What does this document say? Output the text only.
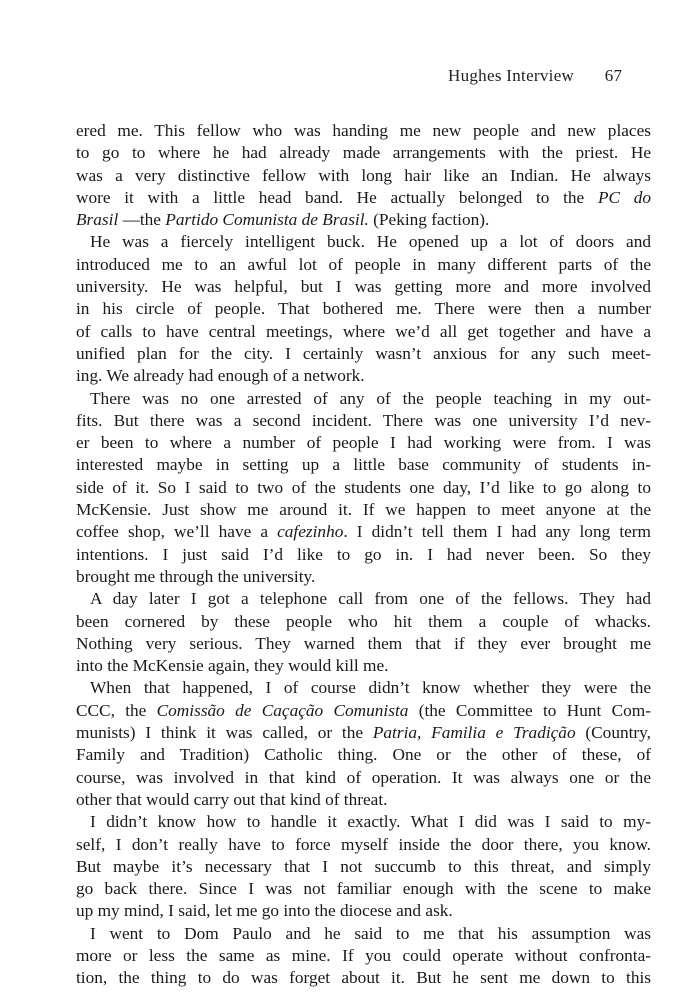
Hughes Interview 67
ered me. This fellow who was handing me new people and new places
to go to where he had already made arrangements with the priest. He
was a very distinctive fellow with long hair like an Indian. He always
wore it with a little head band. He actually belonged to the PC do
Brasil —the Partido Comunista de Brasil. (Peking faction).
He was a fiercely intelligent buck. He opened up a lot of doors and
introduced me to an awful lot of people in many different parts of the
university. He was helpful, but I was getting more and more involved
in his circle of people. That bothered me. There were then a number
of calls to have central meetings, where we’d all get together and have a
unified plan for the city. I certainly wasn’t anxious for any such meet-
ing. We already had enough of a network.
There was no one arrested of any of the people teaching in my out-
fits. But there was a second incident. There was one university I’d nev-
er been to where a number of people I had working were from. I was
interested maybe in setting up a little base community of students in-
side of it. So I said to two of the students one day, I’d like to go along to
McKensie. Just show me around it. If we happen to meet anyone at the
coffee shop, we’ll have a cafezinho. I didn’t tell them I had any long term
intentions. I just said I’d like to go in. I had never been. So they
brought me through the university.
A day later I got a telephone call from one of the fellows. They had
been cornered by these people who hit them a couple of whacks.
Nothing very serious. They warned them that if they ever brought me
into the McKensie again, they would kill me.
When that happened, I of course didn’t know whether they were the
CCC, the Comissão de Caçação Comunista (the Committee to Hunt Com-
munists) I think it was called, or the Patria, Familia e Tradição (Country,
Family and Tradition) Catholic thing. One or the other of these, of
course, was involved in that kind of operation. It was always one or the
other that would carry out that kind of threat.
I didn’t know how to handle it exactly. What I did was I said to my-
self, I don’t really have to force myself inside the door there, you know.
But maybe it’s necessary that I not succumb to this threat, and simply
go back there. Since I was not familiar enough with the scene to make
up my mind, I said, let me go into the diocese and ask.
I went to Dom Paulo and he said to me that his assumption was
more or less the same as mine. If you could operate without confronta-
tion, the thing to do was forget about it. But he sent me down to this
